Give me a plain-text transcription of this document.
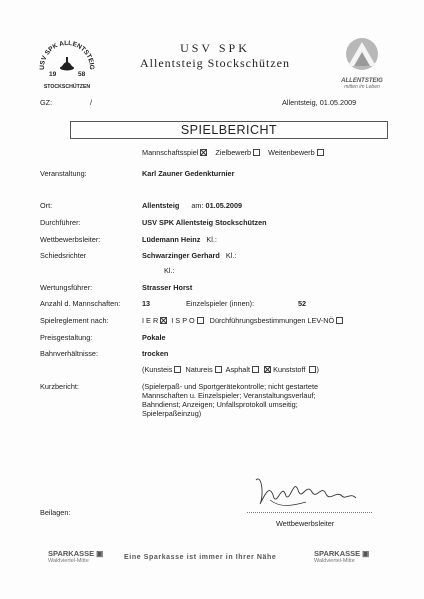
USV SPK ALLENTSTEIG
19	58
STOCKSCHÜTZEN
USV SPK
Allentsteig Stockschützen
ALLENTSTEIG
mitten im Leben
GZ:	/	Allentsteig, 01.05.2009
SPIELBERICHT
Mannschaftsspiel Zielbewerb Weitenbewerb
Veranstaltung:	Karl Zauner Gedenkturnier
Ort:	Allentsteig am: 01.05.2009
Durchführer:	USV SPK Allentsteig Stockschützen
Wettbewerbsleiter:	Lüdemann Heinz Kl.:
Schiedsrichter	Schwarzinger Gerhard Kl.:
Kl.:
Wertungsführer:	Strasser Horst
Anzahl d. Mannschaften:	13	Einzelspieler (innen):	52
Spielreglement nach:	I E R I S P O Dürchführungsbestimmungen LEV-NÖ
Preisgestaltung:	Pokale
Bahnverhältnisse:	trocken
(Kunsteis Natureis Asphalt	Kunststoff )
Kurzbericht:	(Spielerpaß- und Sportgerätekontrolle; nicht gestartete
Mannschaften u. Einzelspieler; Veranstaltungsverlauf;
Bahndienst; Anzeigen; Unfallsprotokoll umseitig;
Spielerpaßeinzug)
Wettbewerbsleiter
Beilagen:
SPARKASSE ▣
Waldviertel-Mitte	Eine Sparkasse ist immer in Ihrer Nähe	SPARKASSE ▣
Waldviertel-Mitte
